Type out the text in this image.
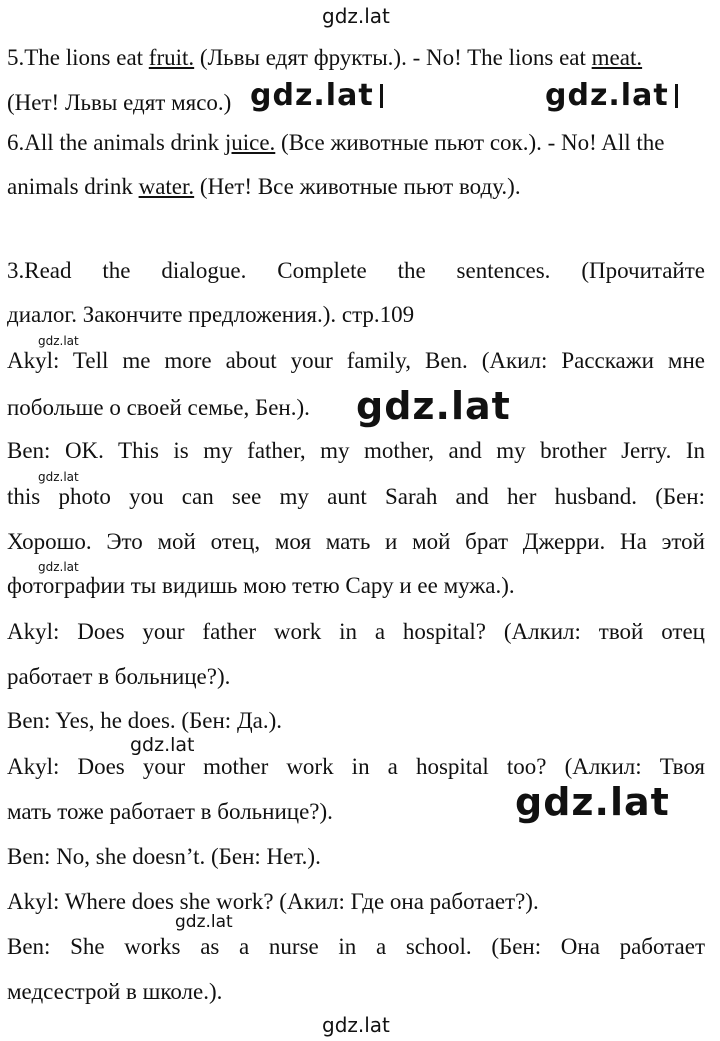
5.The lions eat fruit. (Львы едят фрукты.). - No! The lions eat meat.
(Нет! Львы едят мясо.)
6.All the animals drink juice. (Все животные пьют сок.). - No! All the
animals drink water. (Нет! Все животные пьют воду.).
3.Read the dialogue. Complete the sentences. (Прочитайте
диалог. Закончите предложения.). стр.109
Akyl: Tell me more about your family, Ben. (Акил: Расскажи мне
побольше о своей семье, Бен.).
Ben: OK. This is my father, my mother, and my brother Jerry. In
this photo you can see my aunt Sarah and her husband. (Бен:
Хорошо. Это мой отец, моя мать и мой брат Джерри. На этой
фотографии ты видишь мою тетю Сару и ее мужа.).
Akyl: Does your father work in a hospital? (Алкил: твой отец
работает в больнице?).
Ben: Yes, he does. (Бен: Да.).
Akyl: Does your mother work in a hospital too? (Алкил: Твоя
мать тоже работает в больнице?).
Ben: No, she doesn’t. (Бен: Нет.).
Akyl: Where does she work? (Акил: Где она работает?).
Ben: She works as a nurse in a school. (Бен: Она работает
медсестрой в школе.).
gdz.lat
gdz.lat	gdz.lat
gdz.lat
gdz.lat
gdz.lat
gdz.lat
gdz.lat
gdz.lat
gdz.lat
gdz.lat
